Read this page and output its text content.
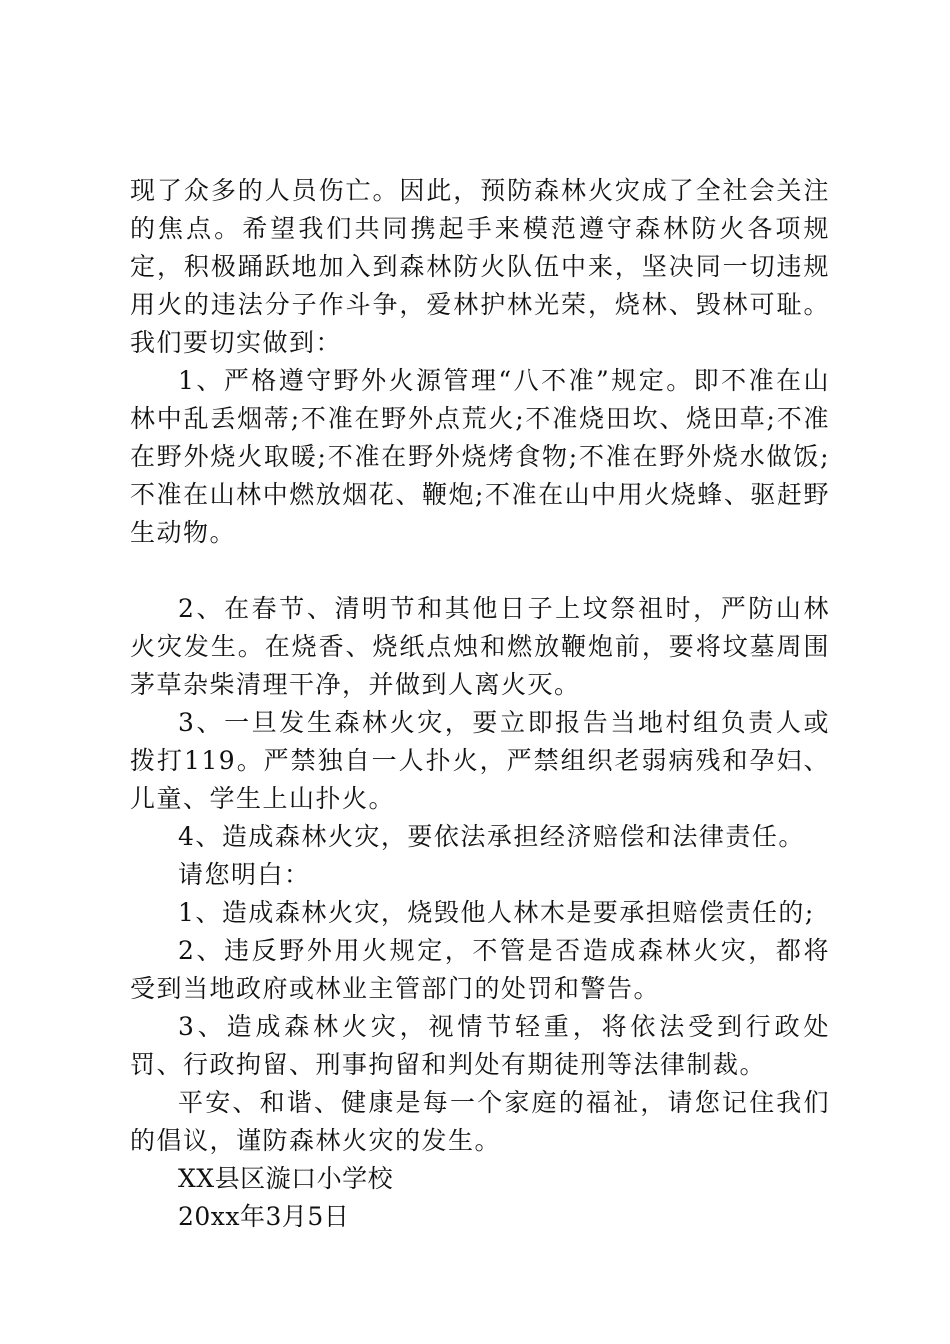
现了众多的人员伤亡。因此，预防森林火灾成了全社会关注的焦点。希望我们共同携起手来模范遵守森林防火各项规定，积极踊跃地加入到森林防火队伍中来，坚决同一切违规用火的违法分子作斗争，爱林护林光荣，烧林、毁林可耻。我们要切实做到：

1、严格遵守野外火源管理“八不准”规定。即不准在山林中乱丢烟蒂;不准在野外点荒火;不准烧田坎、烧田草;不准在野外烧火取暖;不准在野外烧烤食物;不准在野外烧水做饭;不准在山林中燃放烟花、鞭炮;不准在山中用火烧蜂、驱赶野生动物。

2、在春节、清明节和其他日子上坟祭祖时，严防山林火灾发生。在烧香、烧纸点烛和燃放鞭炮前，要将坟墓周围茅草杂柴清理干净，并做到人离火灭。

3、一旦发生森林火灾，要立即报告当地村组负责人或拨打119。严禁独自一人扑火，严禁组织老弱病残和孕妇、儿童、学生上山扑火。

4、造成森林火灾，要依法承担经济赔偿和法律责任。

请您明白：

1、造成森林火灾，烧毁他人林木是要承担赔偿责任的;

2、违反野外用火规定，不管是否造成森林火灾，都将受到当地政府或林业主管部门的处罚和警告。

3、造成森林火灾，视情节轻重，将依法受到行政处罚、行政拘留、刑事拘留和判处有期徒刑等法律制裁。

平安、和谐、健康是每一个家庭的福祉，请您记住我们的倡议，谨防森林火灾的发生。

XX县区漩口小学校

20xx年3月5日
